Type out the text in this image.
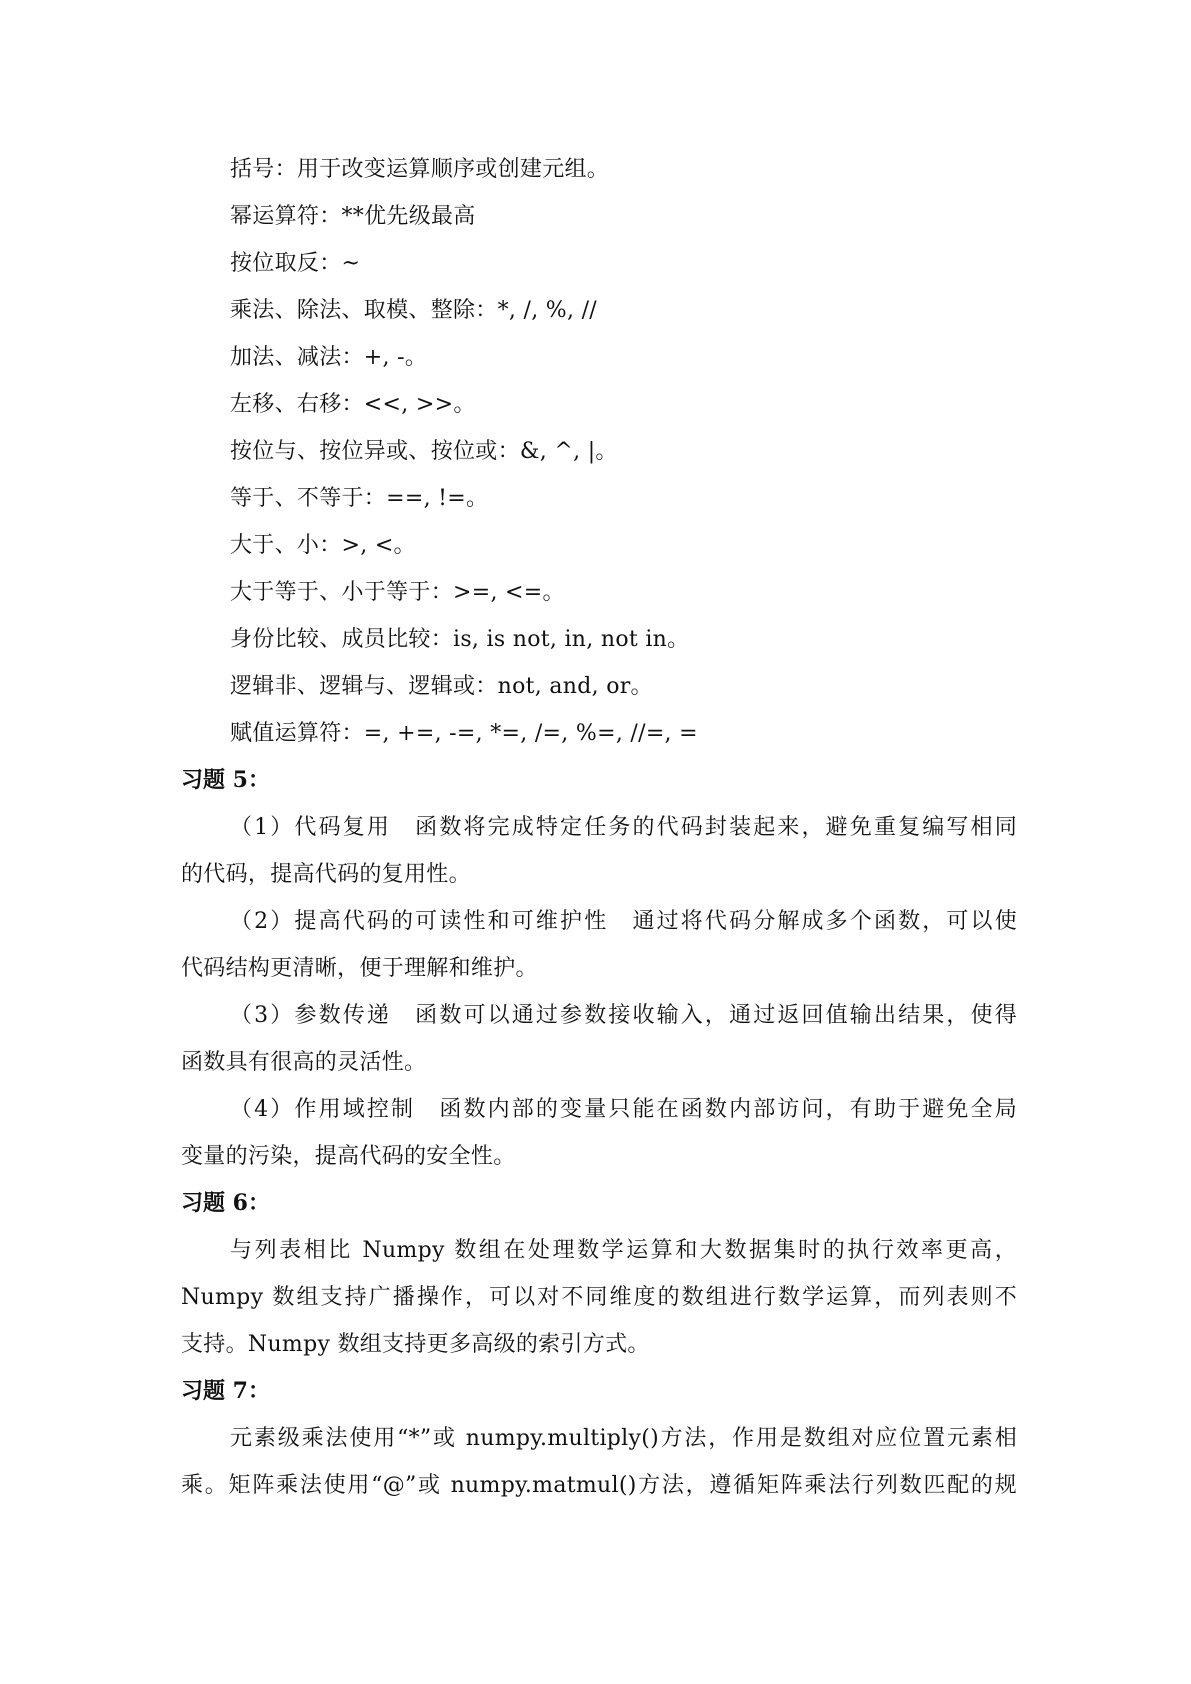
括号：用于改变运算顺序或创建元组。
幂运算符：**优先级最高
按位取反：~
乘法、除法、取模、整除：*, /, %, //
加法、减法：+, -。
左移、右移：<<, >>。
按位与、按位异或、按位或：&, ^, |。
等于、不等于：==, !=。
大于、小：>, <。
大于等于、小于等于：>=, <=。
身份比较、成员比较：is, is not, in, not in。
逻辑非、逻辑与、逻辑或：not, and, or。
赋值运算符：=, +=, -=, *=, /=, %=, //=, =
习题 5：
（1）代码复用　函数将完成特定任务的代码封装起来，避免重复编写相同
的代码，提高代码的复用性。
（2）提高代码的可读性和可维护性　通过将代码分解成多个函数，可以使
代码结构更清晰，便于理解和维护。
（3）参数传递　函数可以通过参数接收输入，通过返回值输出结果，使得
函数具有很高的灵活性。
（4）作用域控制　函数内部的变量只能在函数内部访问，有助于避免全局
变量的污染，提高代码的安全性。
习题 6：
与列表相比 Numpy 数组在处理数学运算和大数据集时的执行效率更高，
Numpy 数组支持广播操作，可以对不同维度的数组进行数学运算，而列表则不
支持。Numpy 数组支持更多高级的索引方式。
习题 7：
元素级乘法使用“*”或 numpy.multiply()方法，作用是数组对应位置元素相
乘。矩阵乘法使用“@”或 numpy.matmul()方法，遵循矩阵乘法行列数匹配的规
